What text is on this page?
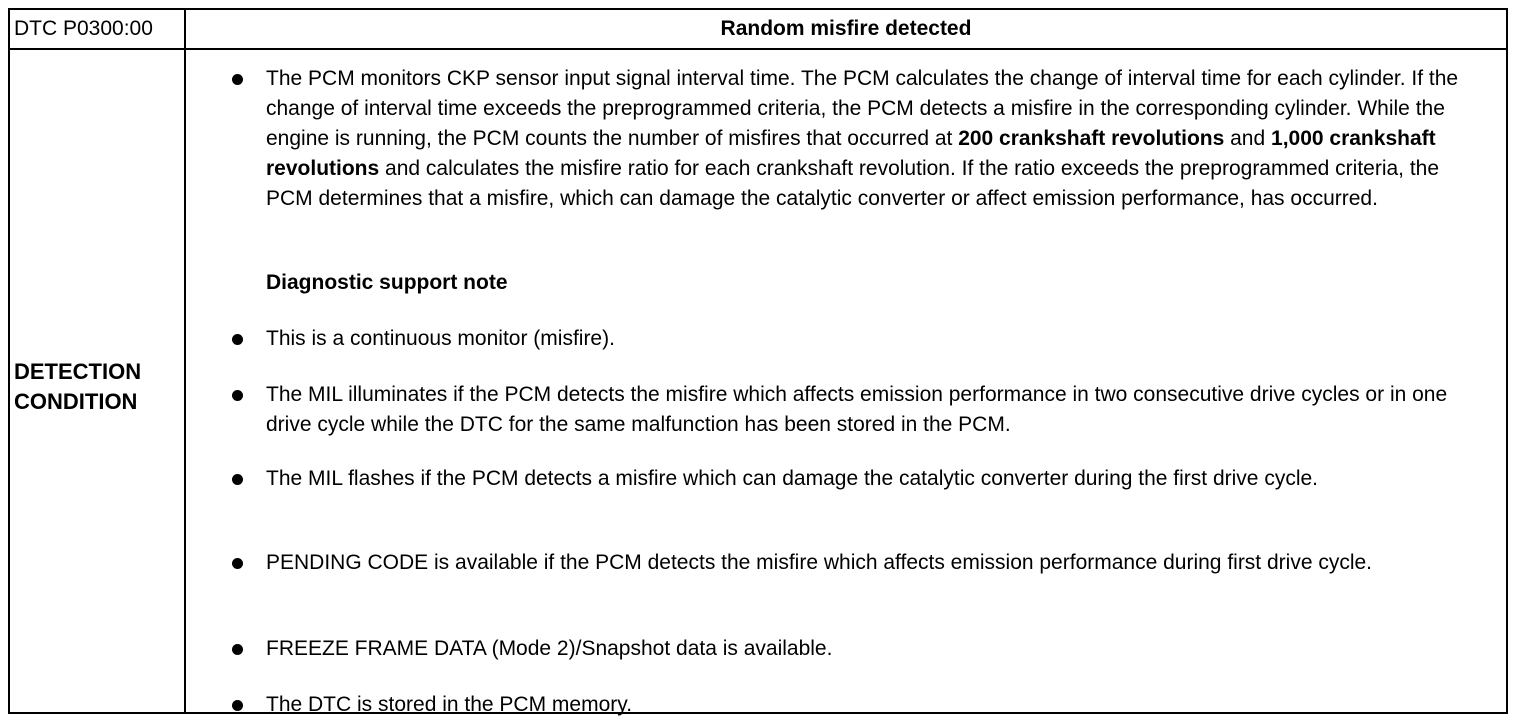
DTC P0300:00	Random misfire detected
DETECTION
CONDITION
The PCM monitors CKP sensor input signal interval time. The PCM calculates the change of interval time for each cylinder. If the change of interval time exceeds the preprogrammed criteria, the PCM detects a misfire in the corresponding cylinder. While the engine is running, the PCM counts the number of misfires that occurred at 200 crankshaft revolutions and 1,000 crankshaft revolutions and calculates the misfire ratio for each crankshaft revolution. If the ratio exceeds the preprogrammed criteria, the PCM determines that a misfire, which can damage the catalytic converter or affect emission performance, has occurred.
Diagnostic support note
This is a continuous monitor (misfire).
The MIL illuminates if the PCM detects the misfire which affects emission performance in two consecutive drive cycles or in one drive cycle while the DTC for the same malfunction has been stored in the PCM.
The MIL flashes if the PCM detects a misfire which can damage the catalytic converter during the first drive cycle.
PENDING CODE is available if the PCM detects the misfire which affects emission performance during first drive cycle.
FREEZE FRAME DATA (Mode 2)/Snapshot data is available.
The DTC is stored in the PCM memory.
